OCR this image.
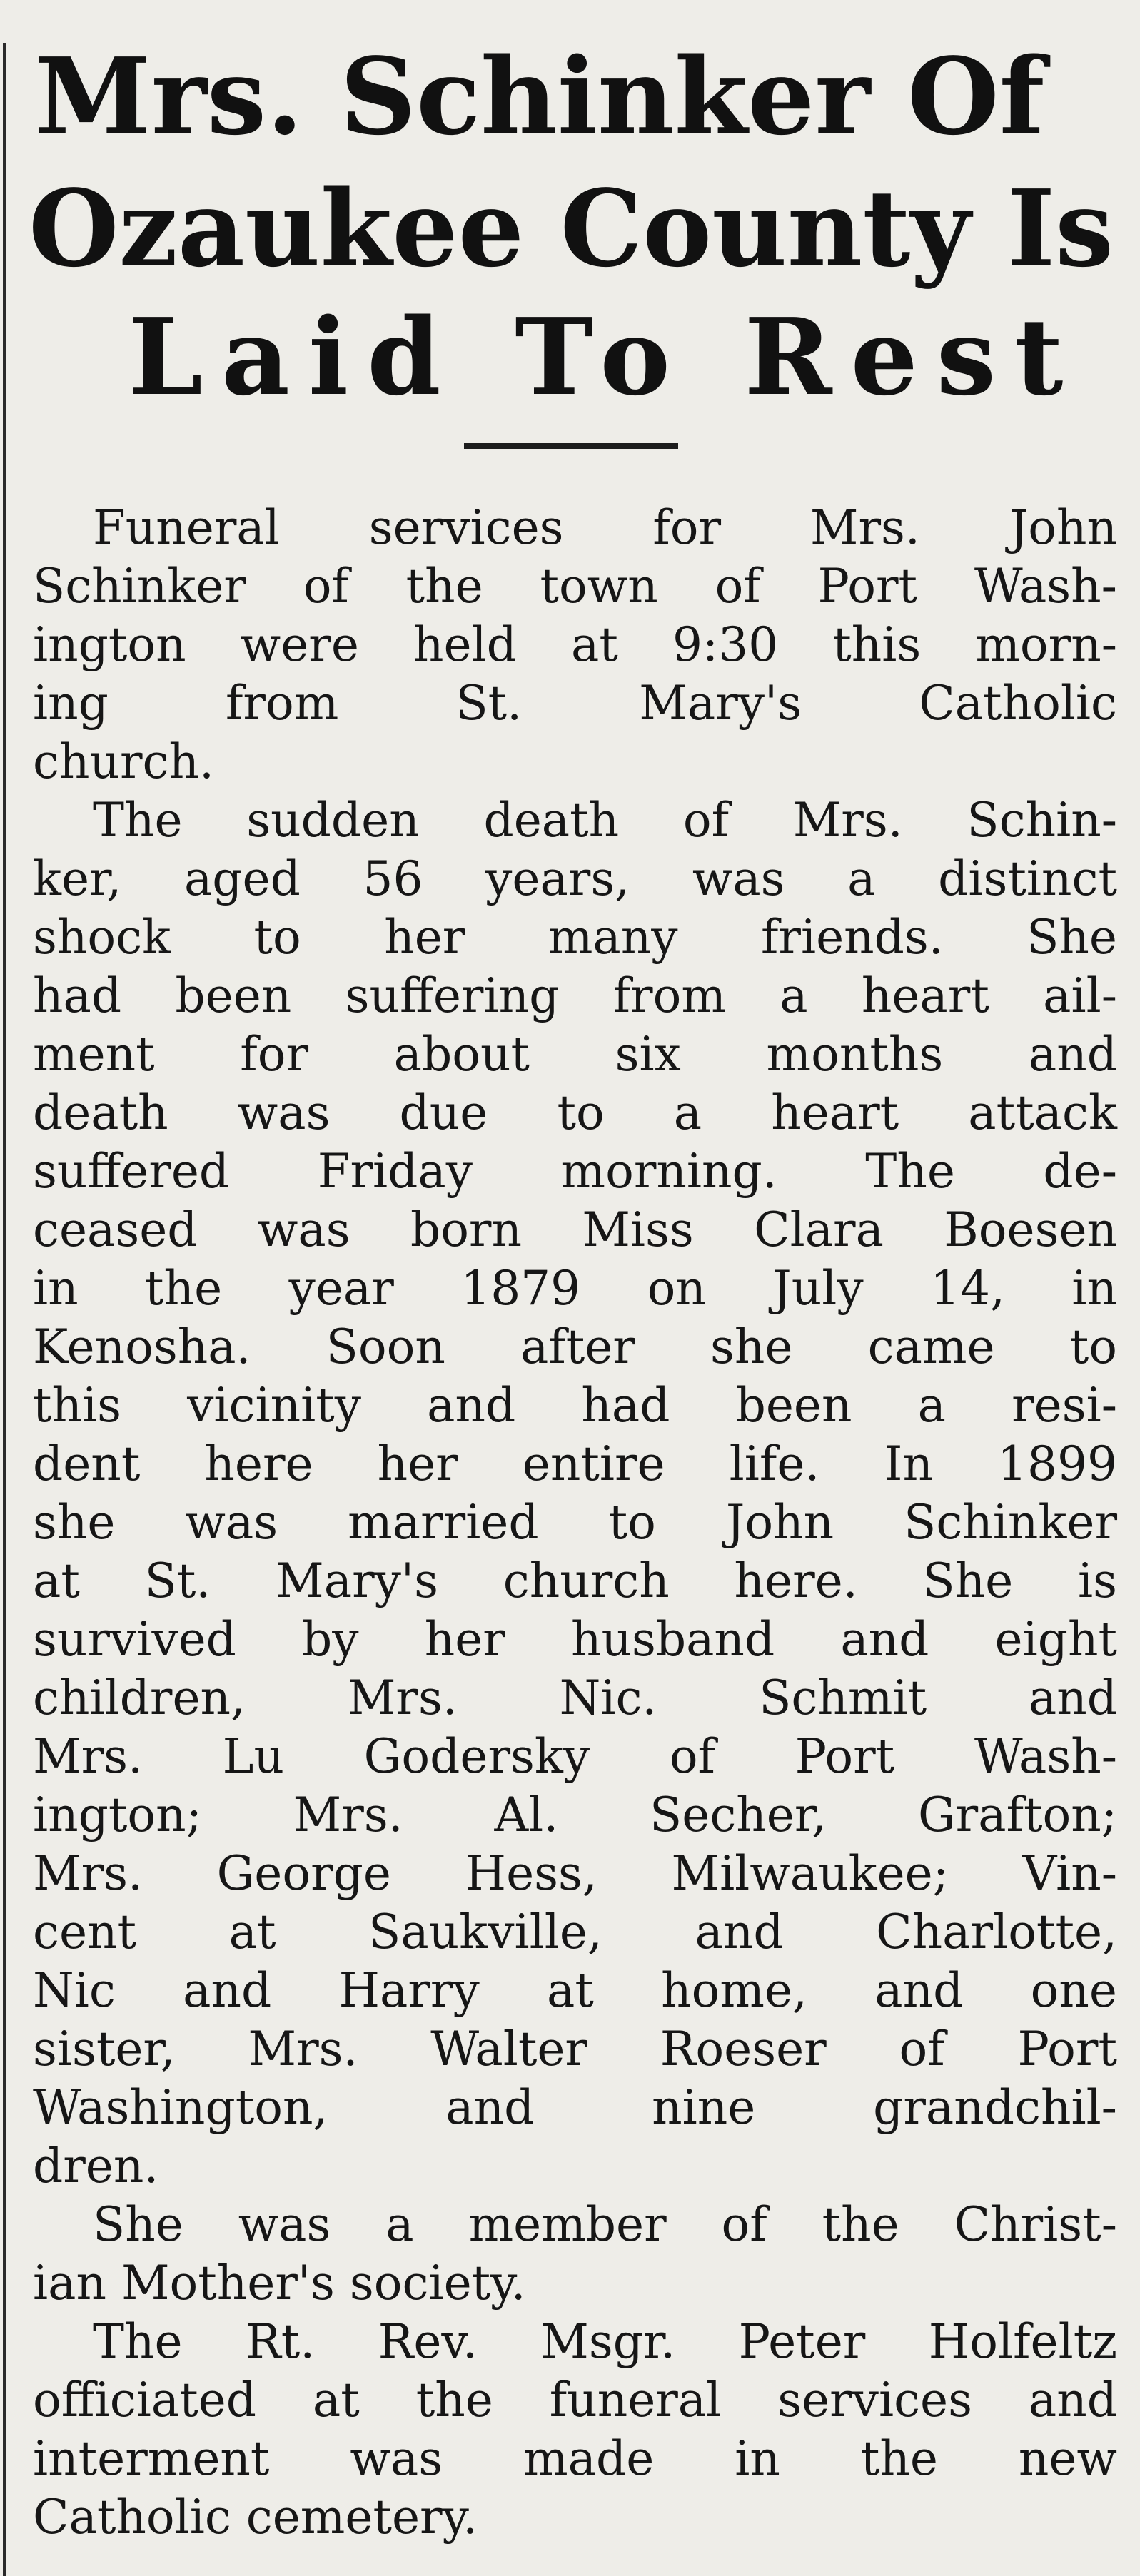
Mrs. Schinker Of
Ozaukee County Is
Laid To Rest
Funeral services for Mrs. John
Schinker of the town of Port Wash-
ington were held at 9:30 this morn-
ing from St. Mary's Catholic
church.
The sudden death of Mrs. Schin-
ker, aged 56 years, was a distinct
shock to her many friends. She
had been suffering from a heart ail-
ment for about six months and
death was due to a heart attack
suffered Friday morning. The de-
ceased was born Miss Clara Boesen
in the year 1879 on July 14, in
Kenosha. Soon after she came to
this vicinity and had been a resi-
dent here her entire life. In 1899
she was married to John Schinker
at St. Mary's church here. She is
survived by her husband and eight
children, Mrs. Nic. Schmit and
Mrs. Lu Godersky of Port Wash-
ington; Mrs. Al. Secher, Grafton;
Mrs. George Hess, Milwaukee; Vin-
cent at Saukville, and Charlotte,
Nic and Harry at home, and one
sister, Mrs. Walter Roeser of Port
Washington, and nine grandchil-
dren.
She was a member of the Christ-
ian Mother's society.
The Rt. Rev. Msgr. Peter Holfeltz
officiated at the funeral services and
interment was made in the new
Catholic cemetery.
